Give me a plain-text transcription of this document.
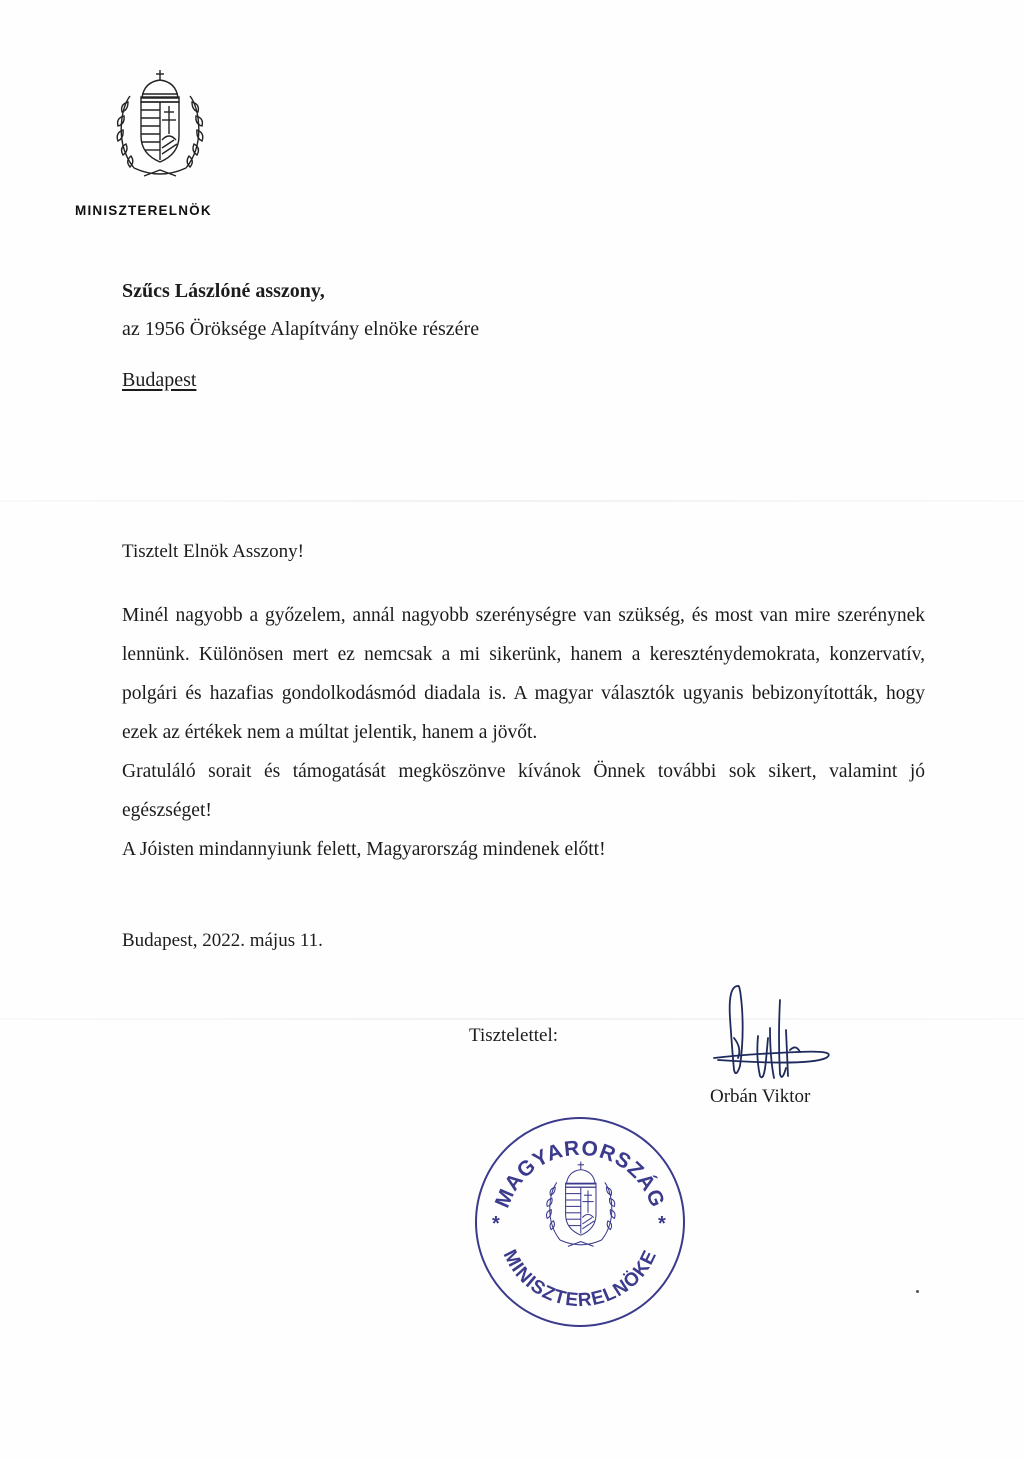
MINISZTERELNÖK
Szűcs Lászlóné asszony,
az 1956 Öröksége Alapítvány elnöke részére
Budapest
Tisztelt Elnök Asszony!

Minél nagyobb a győzelem, annál nagyobb szerénységre van szükség, és most van mire szerénynek lennünk. Különösen mert ez nemcsak a mi sikerünk, hanem a kereszténydemokrata, konzervatív, polgári és hazafias gondolkodásmód diadala is. A magyar választók ugyanis bebizonyították, hogy ezek az értékek nem a múltat jelentik, hanem a jövőt.

Gratuláló sorait és támogatását megköszönve kívánok Önnek további sok sikert, valamint jó egészséget!

A Jóisten mindannyiunk felett, Magyarország mindenek előtt!

Budapest, 2022. május 11.
Tisztelettel:
Orbán Viktor
MAGYARORSZÁG
MINISZTERELNÖKE
*	*
